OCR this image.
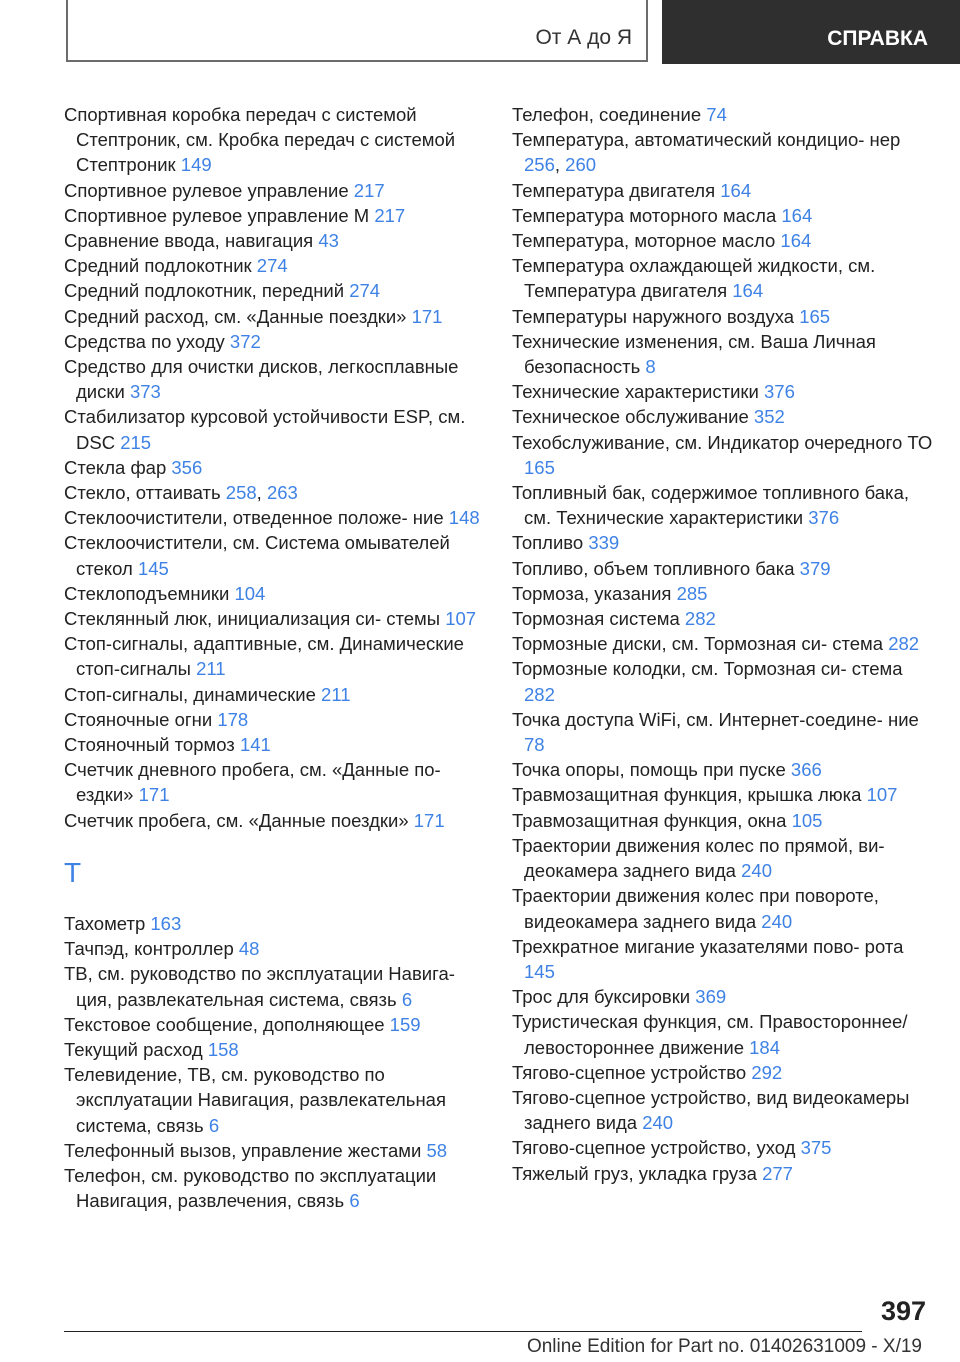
От А до Я	СПРАВКА
Спортивная коробка передач с системой Стептроник, см. Кробка передач с системой Стептроник 149
Спортивное рулевое управление 217
Спортивное рулевое управление M 217
Сравнение ввода, навигация 43
Средний подлокотник 274
Средний подлокотник, передний 274
Средний расход, см. «Данные поездки» 171
Средства по уходу 372
Средство для очистки дисков, легкосплавные диски 373
Стабилизатор курсовой устойчивости ESP, см. DSC 215
Стекла фар 356
Стекло, оттаивать 258, 263
Стеклоочистители, отведенное положе- ние 148
Стеклоочистители, см. Система омывателей стекол 145
Стеклоподъемники 104
Стеклянный люк, инициализация си- стемы 107
Стоп-сигналы, адаптивные, см. Динамические стоп-сигналы 211
Стоп-сигналы, динамические 211
Стояночные огни 178
Стояночный тормоз 141
Счетчик дневного пробега, см. «Данные по- ездки» 171
Счетчик пробега, см. «Данные поездки» 171
Т
Тахометр 163
Тачпэд, контроллер 48
ТВ, см. руководство по эксплуатации Навига- ция, развлекательная система, связь 6
Текстовое сообщение, дополняющее 159
Текущий расход 158
Телевидение, ТВ, см. руководство по эксплуатации Навигация, развлекательная система, связь 6
Телефонный вызов, управление жестами 58
Телефон, см. руководство по эксплуатации Навигация, развлечения, связь 6
Телефон, соединение 74
Температура, автоматический кондицио- нер 256, 260
Температура двигателя 164
Температура моторного масла 164
Температура, моторное масло 164
Температура охлаждающей жидкости, см. Температура двигателя 164
Температуры наружного воздуха 165
Технические изменения, см. Ваша Личная безопасность 8
Технические характеристики 376
Техническое обслуживание 352
Техобслуживание, см. Индикатор очередного ТО 165
Топливный бак, содержимое топливного бака, см. Технические характеристики 376
Топливо 339
Топливо, объем топливного бака 379
Тормоза, указания 285
Тормозная система 282
Тормозные диски, см. Тормозная си- стема 282
Тормозные колодки, см. Тормозная си- стема 282
Точка доступа WiFi, см. Интернет-соедине- ние 78
Точка опоры, помощь при пуске 366
Травмозащитная функция, крышка люка 107
Травмозащитная функция, окна 105
Траектории движения колес по прямой, ви- деокамера заднего вида 240
Траектории движения колес при повороте, видеокамера заднего вида 240
Трехкратное мигание указателями пово- рота 145
Трос для буксировки 369
Туристическая функция, см. Правостороннее/ левостороннее движение 184
Тягово-сцепное устройство 292
Тягово-сцепное устройство, вид видеокамеры заднего вида 240
Тягово-сцепное устройство, уход 375
Тяжелый груз, укладка груза 277
397
Online Edition for Part no. 01402631009 - X/19
